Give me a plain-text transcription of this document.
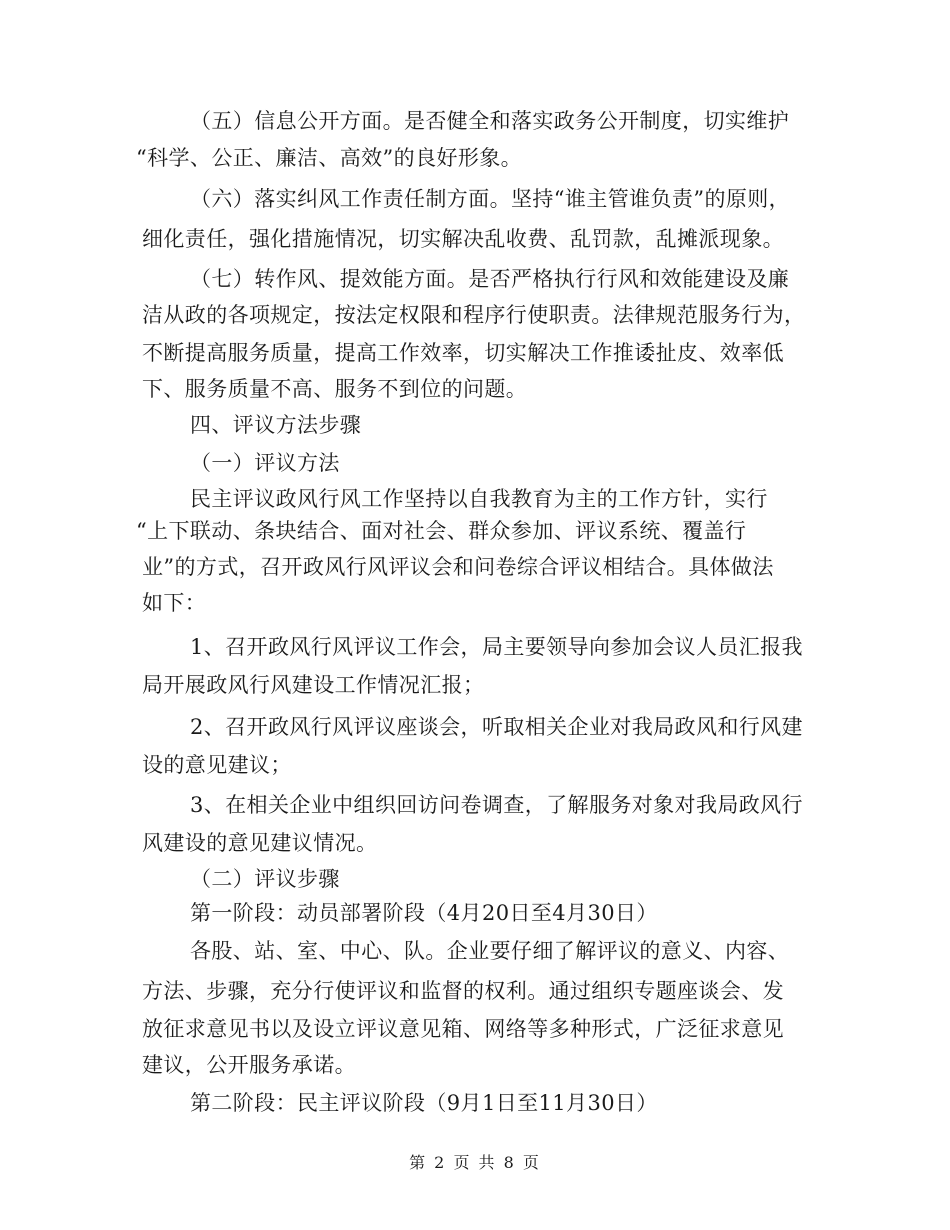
（五）信息公开方面。是否健全和落实政务公开制度，切实维护
“科学、公正、廉洁、高效”的良好形象。
（六）落实纠风工作责任制方面。坚持“谁主管谁负责”的原则，
细化责任，强化措施情况，切实解决乱收费、乱罚款，乱摊派现象。
（七）转作风、提效能方面。是否严格执行行风和效能建设及廉
洁从政的各项规定，按法定权限和程序行使职责。法律规范服务行为，
不断提高服务质量，提高工作效率，切实解决工作推诿扯皮、效率低
下、服务质量不高、服务不到位的问题。
四、评议方法步骤
（一）评议方法
民主评议政风行风工作坚持以自我教育为主的工作方针，实行
“上下联动、条块结合、面对社会、群众参加、评议系统、覆盖行
业”的方式，召开政风行风评议会和问卷综合评议相结合。具体做法
如下：
1、召开政风行风评议工作会，局主要领导向参加会议人员汇报我
局开展政风行风建设工作情况汇报；
2、召开政风行风评议座谈会，听取相关企业对我局政风和行风建
设的意见建议；
3、在相关企业中组织回访问卷调查，了解服务对象对我局政风行
风建设的意见建议情况。
（二）评议步骤
第一阶段：动员部署阶段（4月20日至4月30日）
各股、站、室、中心、队。企业要仔细了解评议的意义、内容、
方法、步骤，充分行使评议和监督的权利。通过组织专题座谈会、发
放征求意见书以及设立评议意见箱、网络等多种形式，广泛征求意见
建议，公开服务承诺。
第二阶段：民主评议阶段（9月1日至11月30日）
第 2 页 共 8 页
